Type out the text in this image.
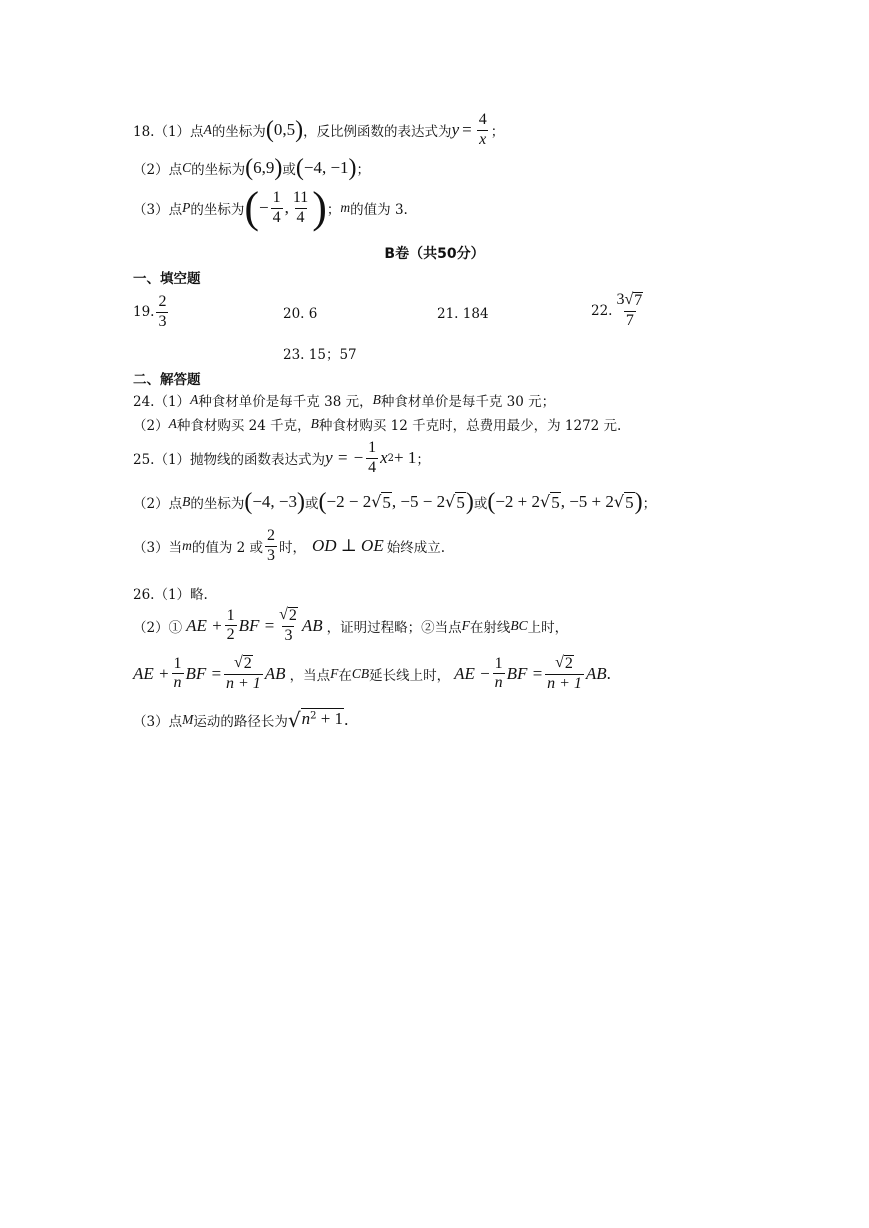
18.（1）点 A 的坐标为 ( 0,5 ) ，反比例函数的表达式为 $y = \frac{4}{x}$ ；
（2）点 C 的坐标为 ( 6,9 ) 或 ( −4, −1 ) ；
（3）点 P 的坐标为 ( − $\frac{1}{4}$ , $\frac{11}{4}$ ) ； m 的值为 3.
B卷（共50分）
一、填空题
19. $\frac{2}{3}$	20. 6	21. 184	22. $\frac{3 √ 7}{7}$
23. 15；57
二、解答题
24.（1） A 种食材单价是每千克 38 元， B 种食材单价是每千克 30 元；
（2） A 种食材购买 24 千克， B 种食材购买 12 千克时，总费用最少，为 1272 元.
25.（1）抛物线的函数表达式为 y = − $\frac{1}{4}$ x 2 + 1 ；
（2）点 B 的坐标为 ( −4, −3 ) 或 ( −2 − 2 √ 5 , −5 − 2 √ 5 ) 或 ( −2 + 2 √ 5 , −5 + 2 √ 5 ) ；
（3）当 m 的值为 2 或 $\frac{2}{3}$ 时， OD ⊥ OE 始终成立.
26.（1）略.
（2）① AE + $\frac{1}{2}$ BF = $\frac{√ 2}{3}$ AB ，证明过程略；②当点 F 在射线 BC 上时，
AE + $\frac{1}{n}$ BF = $\frac{√ 2}{n + 1}$ AB ，当点 F 在 CB 延长线上时， AE − $\frac{1}{n}$ BF = $\frac{√ 2}{n + 1}$ AB .
（3）点 M 运动的路径长为 √ $n^2 + 1$ .
